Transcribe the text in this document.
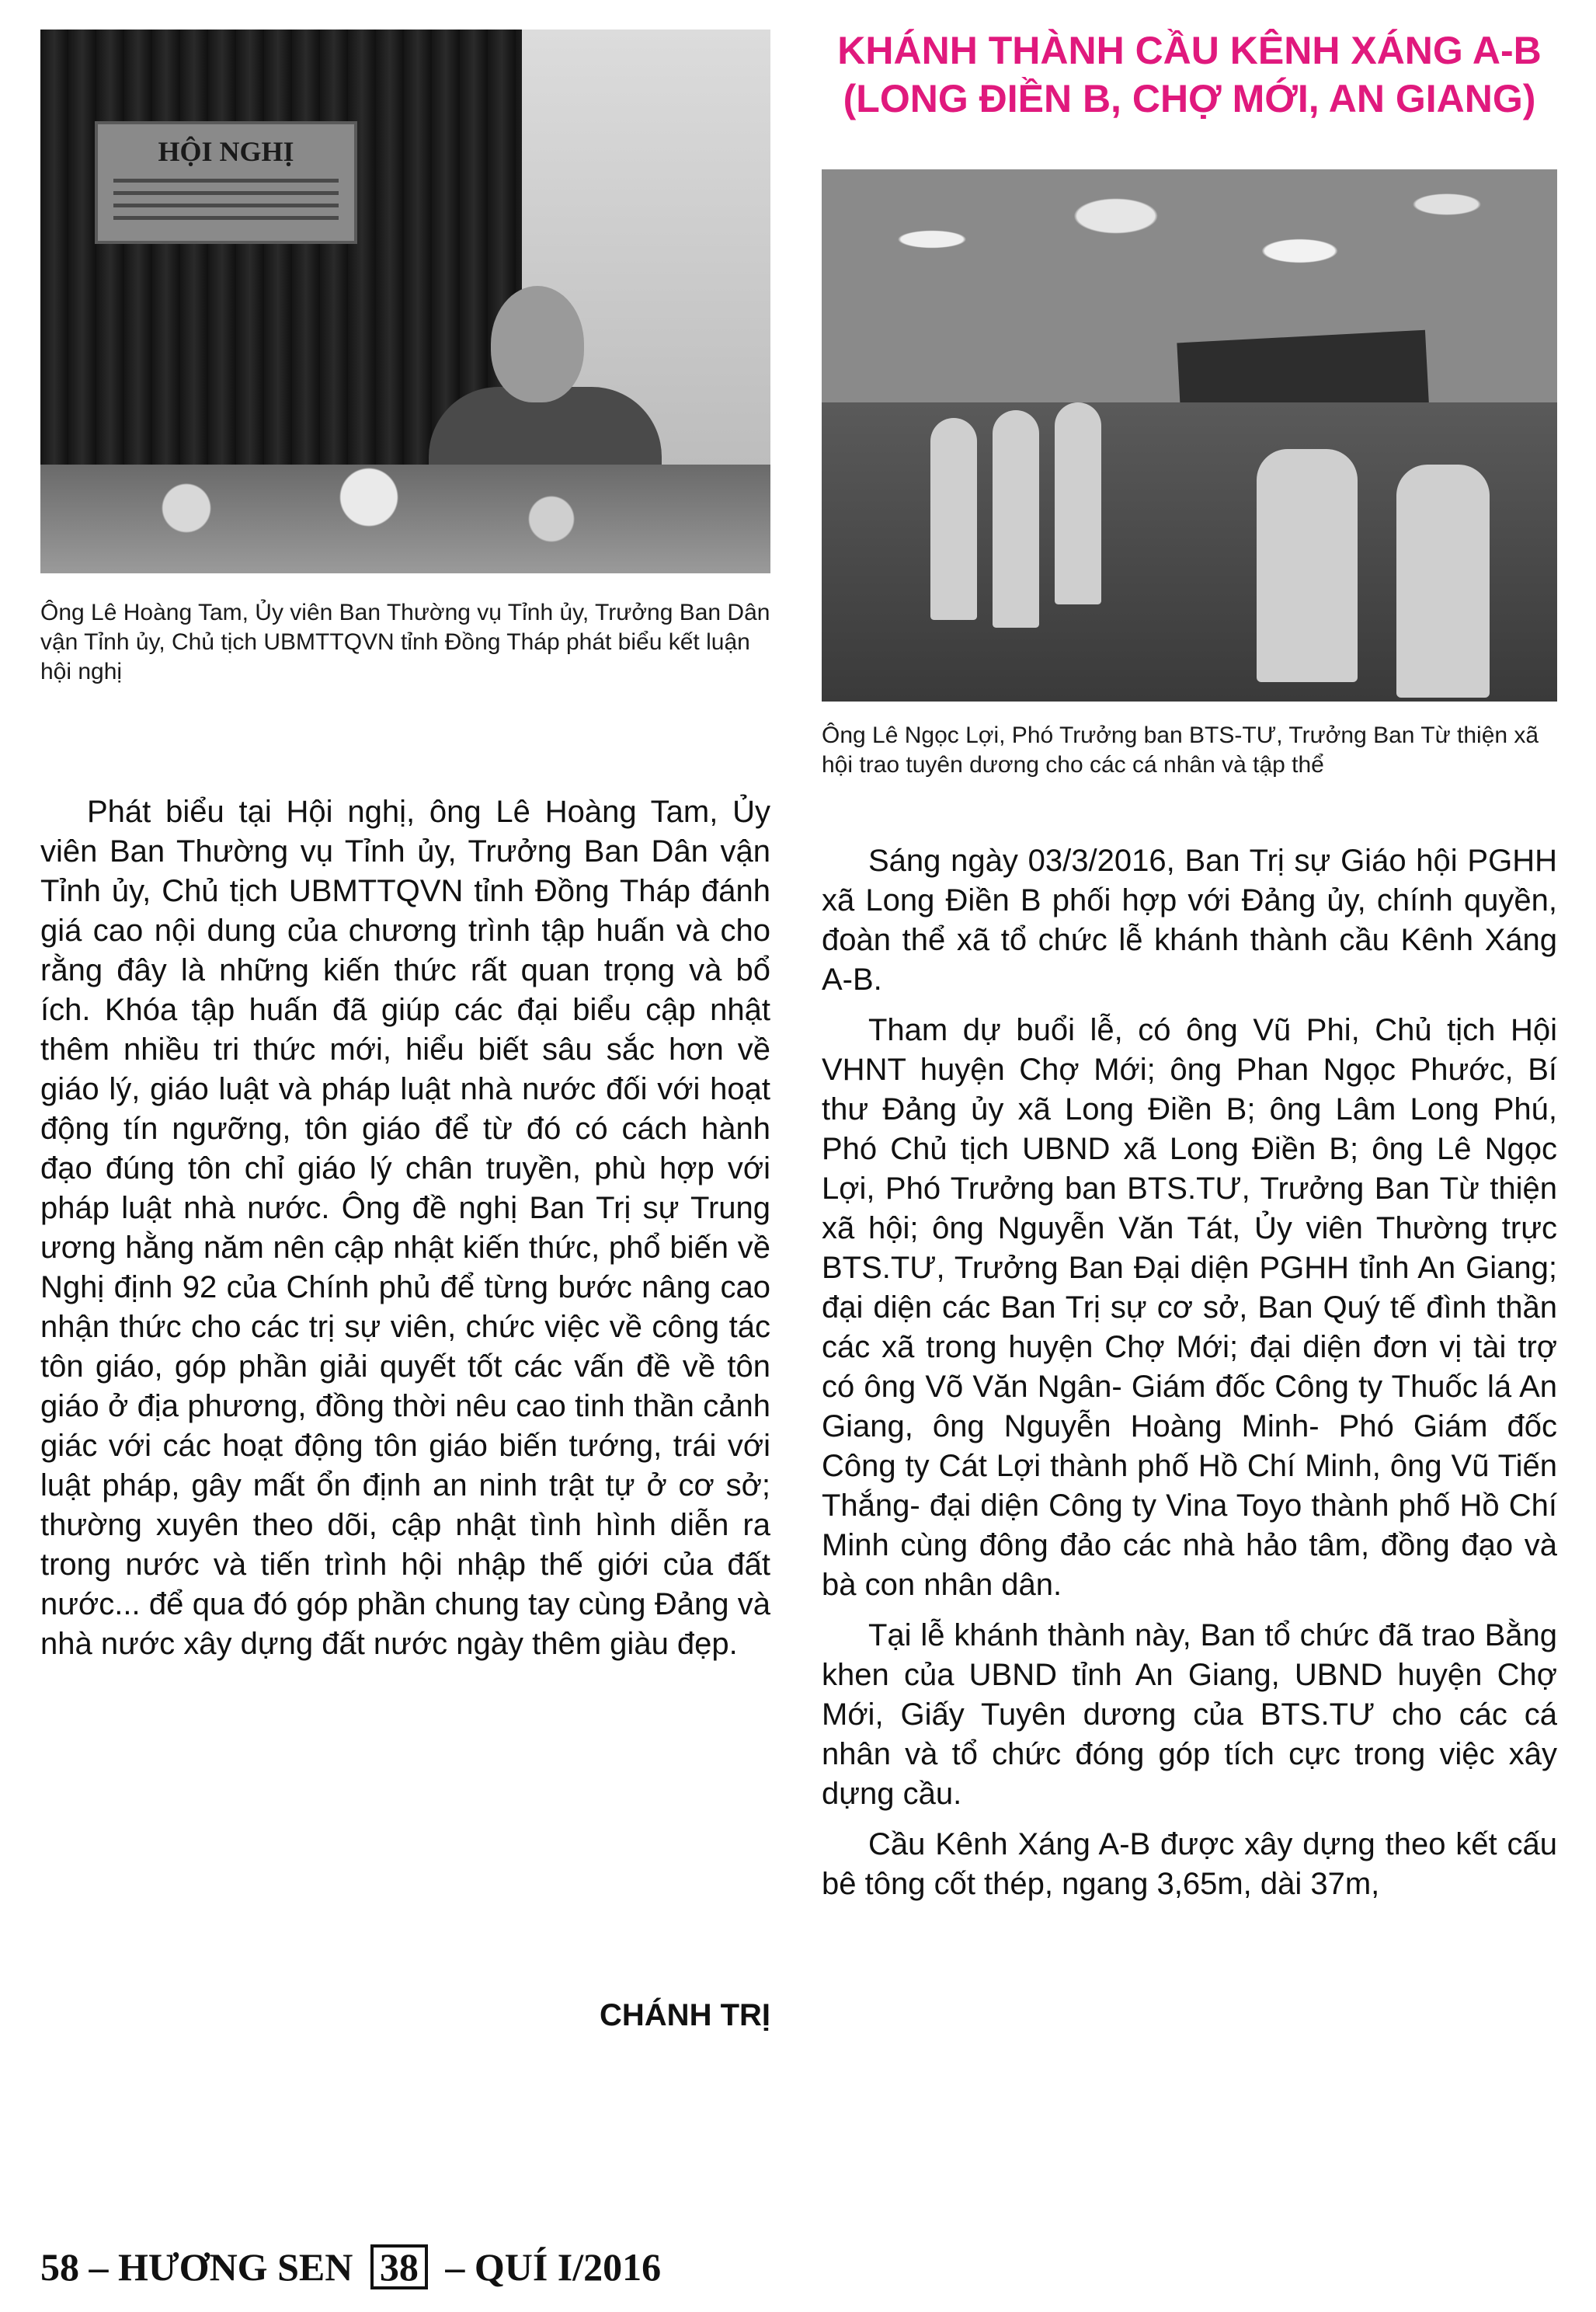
KHÁNH THÀNH CẦU KÊNH XÁNG A-B
(LONG ĐIỀN B, CHỢ MỚI, AN GIANG)
HỘI NGHỊ
Ông Lê Hoàng Tam, Ủy viên Ban Thường vụ Tỉnh ủy, Trưởng Ban Dân vận Tỉnh ủy, Chủ tịch UBMTTQVN tỉnh Đồng Tháp phát biểu kết luận hội nghị
Ông Lê Ngọc Lợi, Phó Trưởng ban BTS-TƯ, Trưởng Ban Từ thiện xã hội trao tuyên dương cho các cá nhân và tập thể

Phát biểu tại Hội nghị, ông Lê Hoàng Tam, Ủy viên Ban Thường vụ Tỉnh ủy, Trưởng Ban Dân vận Tỉnh ủy, Chủ tịch UBMTTQVN tỉnh Đồng Tháp đánh giá cao nội dung của chương trình tập huấn và cho rằng đây là những kiến thức rất quan trọng và bổ ích. Khóa tập huấn đã giúp các đại biểu cập nhật thêm nhiều tri thức mới, hiểu biết sâu sắc hơn về giáo lý, giáo luật và pháp luật nhà nước đối với hoạt động tín ngưỡng, tôn giáo để từ đó có cách hành đạo đúng tôn chỉ giáo lý chân truyền, phù hợp với pháp luật nhà nước. Ông đề nghị Ban Trị sự Trung ương hằng năm nên cập nhật kiến thức, phổ biến về Nghị định 92 của Chính phủ để từng bước nâng cao nhận thức cho các trị sự viên, chức việc về công tác tôn giáo, góp phần giải quyết tốt các vấn đề về tôn giáo ở địa phương, đồng thời nêu cao tinh thần cảnh giác với các hoạt động tôn giáo biến tướng, trái với luật pháp, gây mất ổn định an ninh trật tự ở cơ sở; thường xuyên theo dõi, cập nhật tình hình diễn ra trong nước và tiến trình hội nhập thế giới của đất nước... để qua đó góp phần chung tay cùng Đảng và nhà nước xây dựng đất nước ngày thêm giàu đẹp.

CHÁNH TRỊ

Sáng ngày 03/3/2016, Ban Trị sự Giáo hội PGHH xã Long Điền B phối hợp với Đảng ủy, chính quyền, đoàn thể xã tổ chức lễ khánh thành cầu Kênh Xáng A-B.

Tham dự buổi lễ, có ông Vũ Phi, Chủ tịch Hội VHNT huyện Chợ Mới; ông Phan Ngọc Phước, Bí thư Đảng ủy xã Long Điền B; ông Lâm Long Phú, Phó Chủ tịch UBND xã Long Điền B; ông Lê Ngọc Lợi, Phó Trưởng ban BTS.TƯ, Trưởng Ban Từ thiện xã hội; ông Nguyễn Văn Tát, Ủy viên Thường trực BTS.TƯ, Trưởng Ban Đại diện PGHH tỉnh An Giang; đại diện các Ban Trị sự cơ sở, Ban Quý tế đình thần các xã trong huyện Chợ Mới; đại diện đơn vị tài trợ có ông Võ Văn Ngân- Giám đốc Công ty Thuốc lá An Giang, ông Nguyễn Hoàng Minh- Phó Giám đốc Công ty Cát Lợi thành phố Hồ Chí Minh, ông Vũ Tiến Thắng- đại diện Công ty Vina Toyo thành phố Hồ Chí Minh cùng đông đảo các nhà hảo tâm, đồng đạo và bà con nhân dân.

Tại lễ khánh thành này, Ban tổ chức đã trao Bằng khen của UBND tỉnh An Giang, UBND huyện Chợ Mới, Giấy Tuyên dương của BTS.TƯ cho các cá nhân và tổ chức đóng góp tích cực trong việc xây dựng cầu.

Cầu Kênh Xáng A-B được xây dựng theo kết cấu bê tông cốt thép, ngang 3,65m, dài 37m,

58 – HƯƠNG SEN 38 – QUÍ I/2016
